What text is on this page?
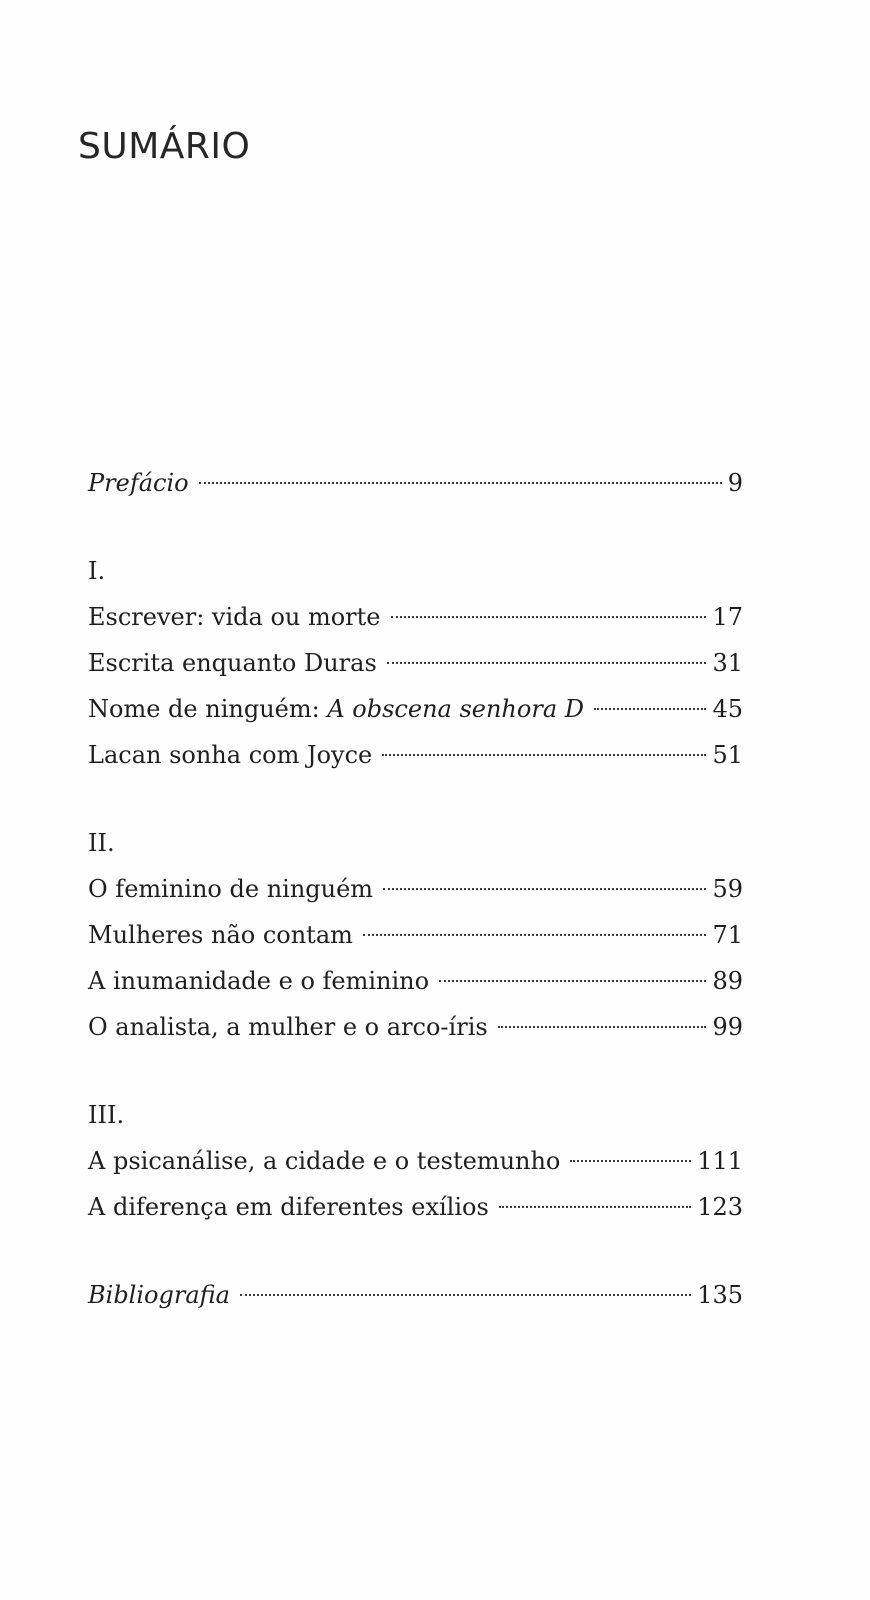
SUMÁRIO
Prefácio	9
I.
Escrever: vida ou morte	17
Escrita enquanto Duras	31
Nome de ninguém: A obscena senhora D	45
Lacan sonha com Joyce	51
II.
O feminino de ninguém	59
Mulheres não contam	71
A inumanidade e o feminino	89
O analista, a mulher e o arco-íris	99
III.
A psicanálise, a cidade e o testemunho	111
A diferença em diferentes exílios	123
Bibliografia	135
